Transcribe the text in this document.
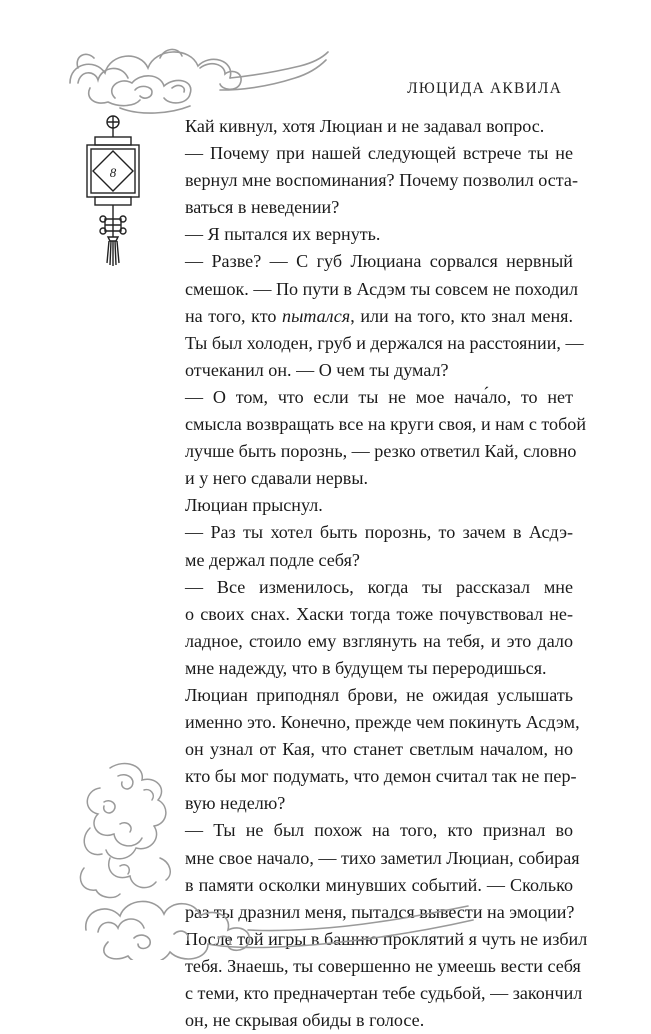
ЛЮЦИДА АКВИЛА
8

Кай кивнул, хотя Люциан и не задавал вопрос.

— Почему при нашей следующей встрече ты не
вернул мне воспоминания? Почему позволил оста-
ваться в неведении?

— Я пытался их вернуть.

— Разве? — С губ Люциана сорвался нервный
смешок. — По пути в Асдэм ты совсем не походил
на того, кто пытался, или на того, кто знал меня.
Ты был холоден, груб и держался на расстоянии, —
отчеканил он. — О чем ты думал?

— О том, что если ты не мое нача́ло, то нет
смысла возвращать все на круги своя, и нам с тобой
лучше быть порознь, — резко ответил Кай, словно
и у него сдавали нервы.

Люциан прыснул.

— Раз ты хотел быть порознь, то зачем в Асдэ-
ме держал подле себя?

— Все изменилось, когда ты рассказал мне
о своих снах. Хаски тогда тоже почувствовал не-
ладное, стоило ему взглянуть на тебя, и это дало
мне надежду, что в будущем ты переродишься.

Люциан приподнял брови, не ожидая услышать
именно это. Конечно, прежде чем покинуть Асдэм,
он узнал от Кая, что станет светлым началом, но
кто бы мог подумать, что демон считал так не пер-
вую неделю?

— Ты не был похож на того, кто признал во
мне свое начало, — тихо заметил Люциан, собирая
в памяти осколки минувших событий. — Сколько
раз ты дразнил меня, пытался вывести на эмоции?
После той игры в башню проклятий я чуть не избил
тебя. Знаешь, ты совершенно не умеешь вести себя
с теми, кто предначертан тебе судьбой, — закончил
он, не скрывая обиды в голосе.
